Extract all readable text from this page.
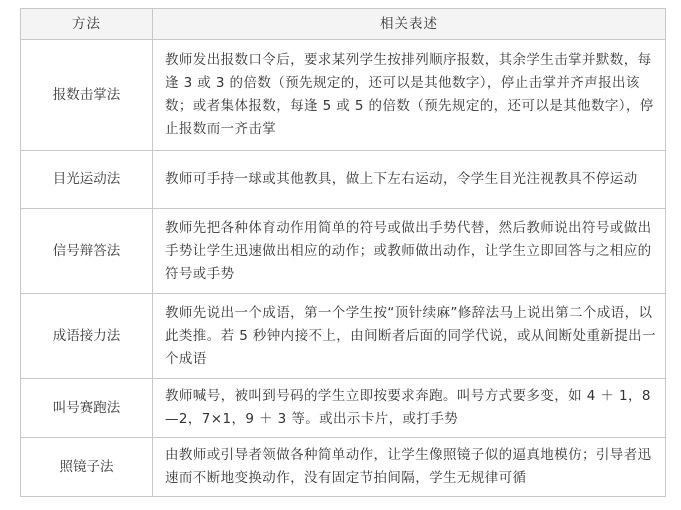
方法	相关表述
报数击掌法	教师发出报数口令后，要求某列学生按排列顺序报数，其余学生击掌并默数，每逢 3 或 3 的倍数（预先规定的，还可以是其他数字），停止击掌并齐声报出该数；或者集体报数，每逢 5 或 5 的倍数（预先规定的，还可以是其他数字），停止报数而一齐击掌
目光运动法	教师可手持一球或其他教具，做上下左右运动，令学生目光注视教具不停运动
信号辩答法	教师先把各种体育动作用简单的符号或做出手势代替，然后教师说出符号或做出手势让学生迅速做出相应的动作；或教师做出动作，让学生立即回答与之相应的符号或手势
成语接力法	教师先说出一个成语，第一个学生按“顶针续麻”修辞法马上说出第二个成语，以此类推。若 5 秒钟内接不上，由间断者后面的同学代说，或从间断处重新提出一个成语
叫号赛跑法	教师喊号，被叫到号码的学生立即按要求奔跑。叫号方式要多变，如 4 ＋ 1，8—2，7×1，9 ＋ 3 等。或出示卡片，或打手势
照镜子法	由教师或引导者领做各种简单动作，让学生像照镜子似的逼真地模仿；引导者迅速而不断地变换动作，没有固定节拍间隔，学生无规律可循
